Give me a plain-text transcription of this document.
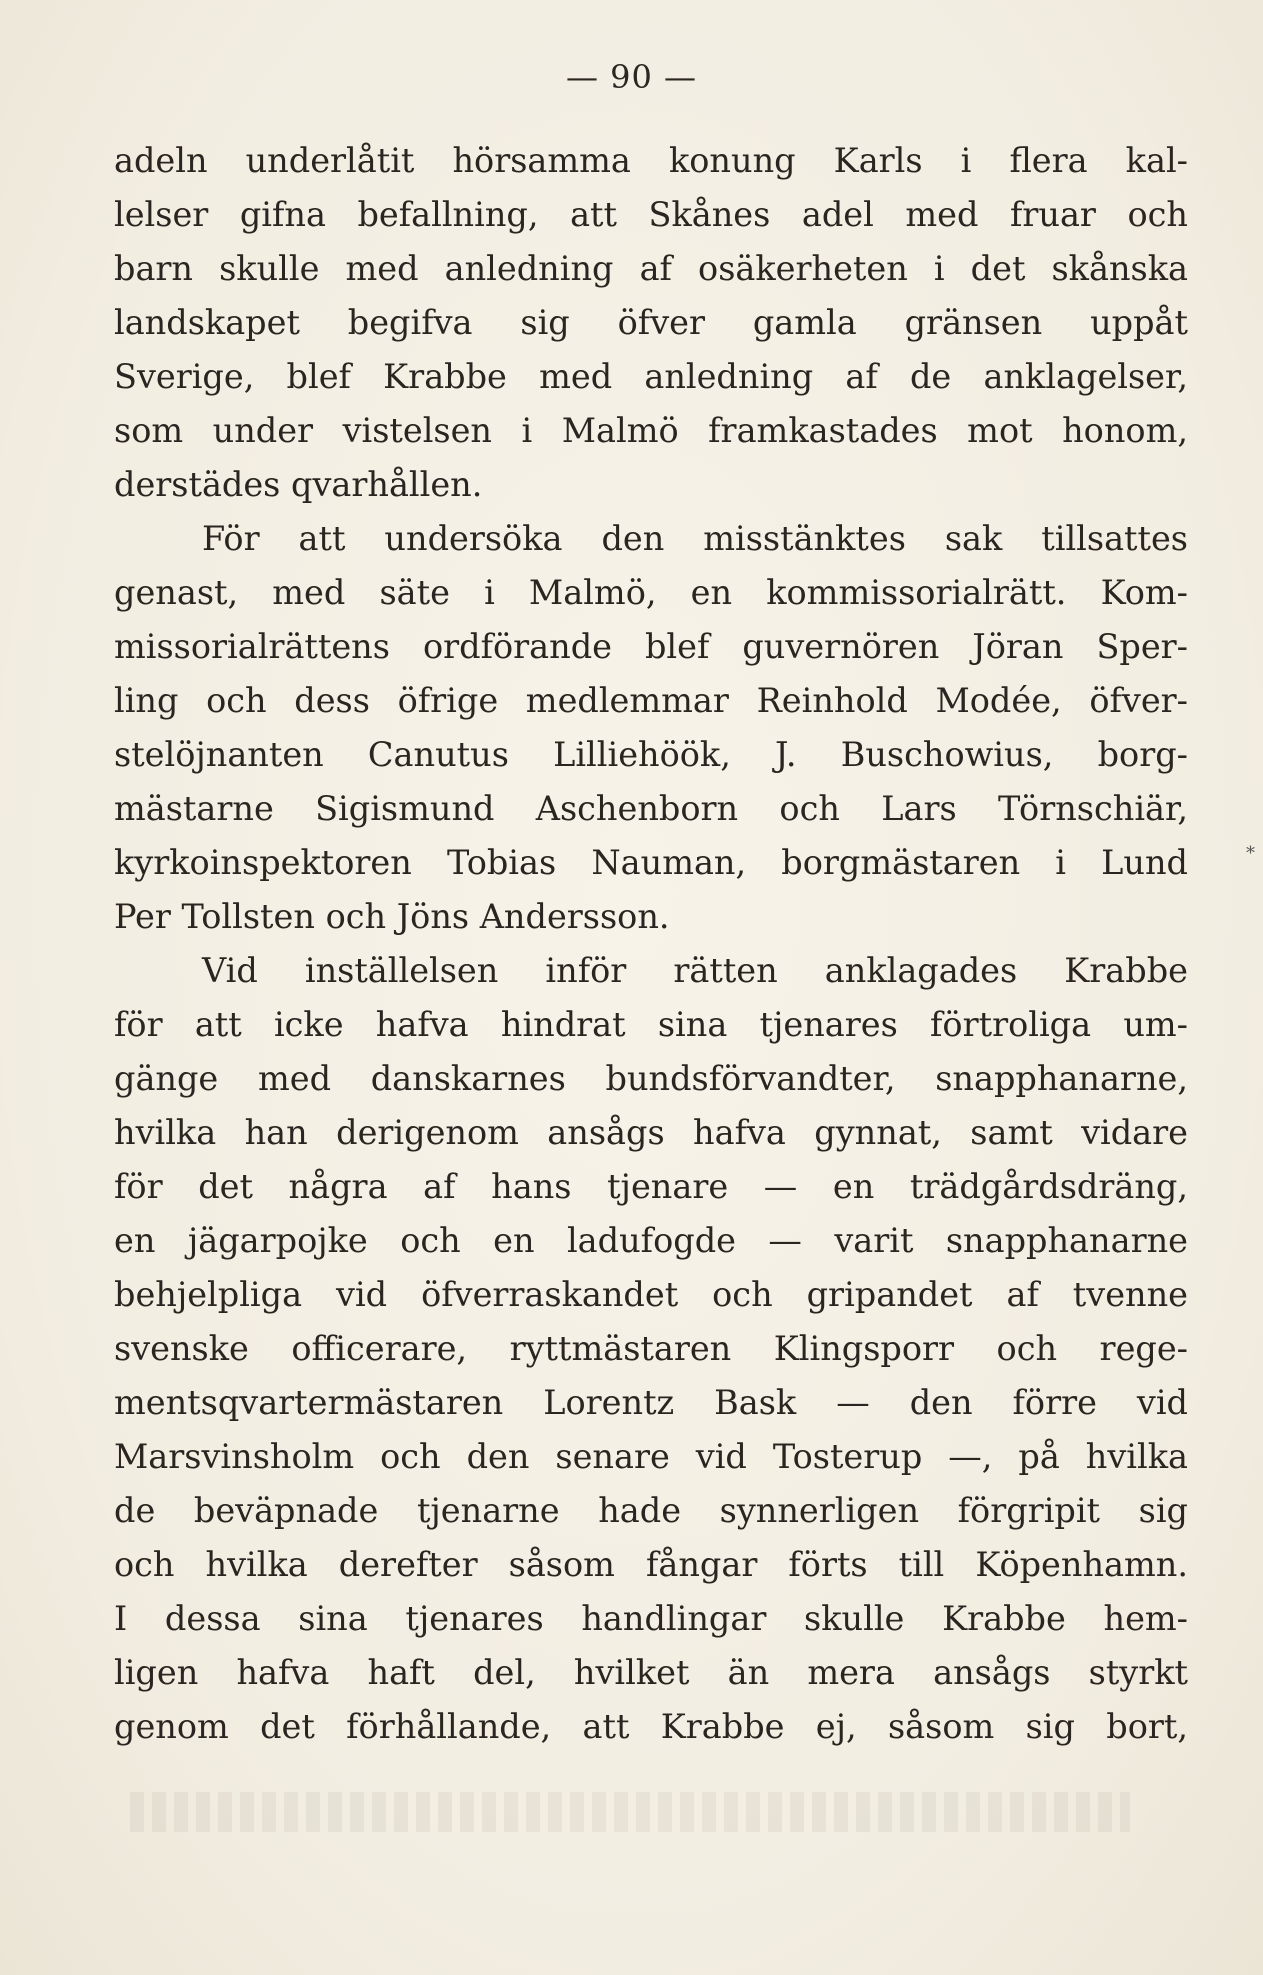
— 90 —
adeln underlåtit hörsamma konung Karls i flera kal-
lelser gifna befallning, att Skånes adel med fruar och
barn skulle med anledning af osäkerheten i det skånska
landskapet begifva sig öfver gamla gränsen uppåt
Sverige, blef Krabbe med anledning af de anklagelser,
som under vistelsen i Malmö framkastades mot honom,
derstädes qvarhållen.
För att undersöka den misstänktes sak tillsattes
genast, med säte i Malmö, en kommissorialrätt. Kom-
missorialrättens ordförande blef guvernören Jöran Sper-
ling och dess öfrige medlemmar Reinhold Modée, öfver-
stelöjnanten Canutus Lilliehöök, J. Buschowius, borg-
mästarne Sigismund Aschenborn och Lars Törnschiär,
kyrkoinspektoren Tobias Nauman, borgmästaren i Lund
Per Tollsten och Jöns Andersson.
Vid inställelsen inför rätten anklagades Krabbe
för att icke hafva hindrat sina tjenares förtroliga um-
gänge med danskarnes bundsförvandter, snapphanarne,
hvilka han derigenom ansågs hafva gynnat, samt vidare
för det några af hans tjenare — en trädgårdsdräng,
en jägarpojke och en ladufogde — varit snapphanarne
behjelpliga vid öfverraskandet och gripandet af tvenne
svenske officerare, ryttmästaren Klingsporr och rege-
mentsqvartermästaren Lorentz Bask — den förre vid
Marsvinsholm och den senare vid Tosterup —, på hvilka
de beväpnade tjenarne hade synnerligen förgripit sig
och hvilka derefter såsom fångar förts till Köpenhamn.
I dessa sina tjenares handlingar skulle Krabbe hem-
ligen hafva haft del, hvilket än mera ansågs styrkt
genom det förhållande, att Krabbe ej, såsom sig bort,
*
